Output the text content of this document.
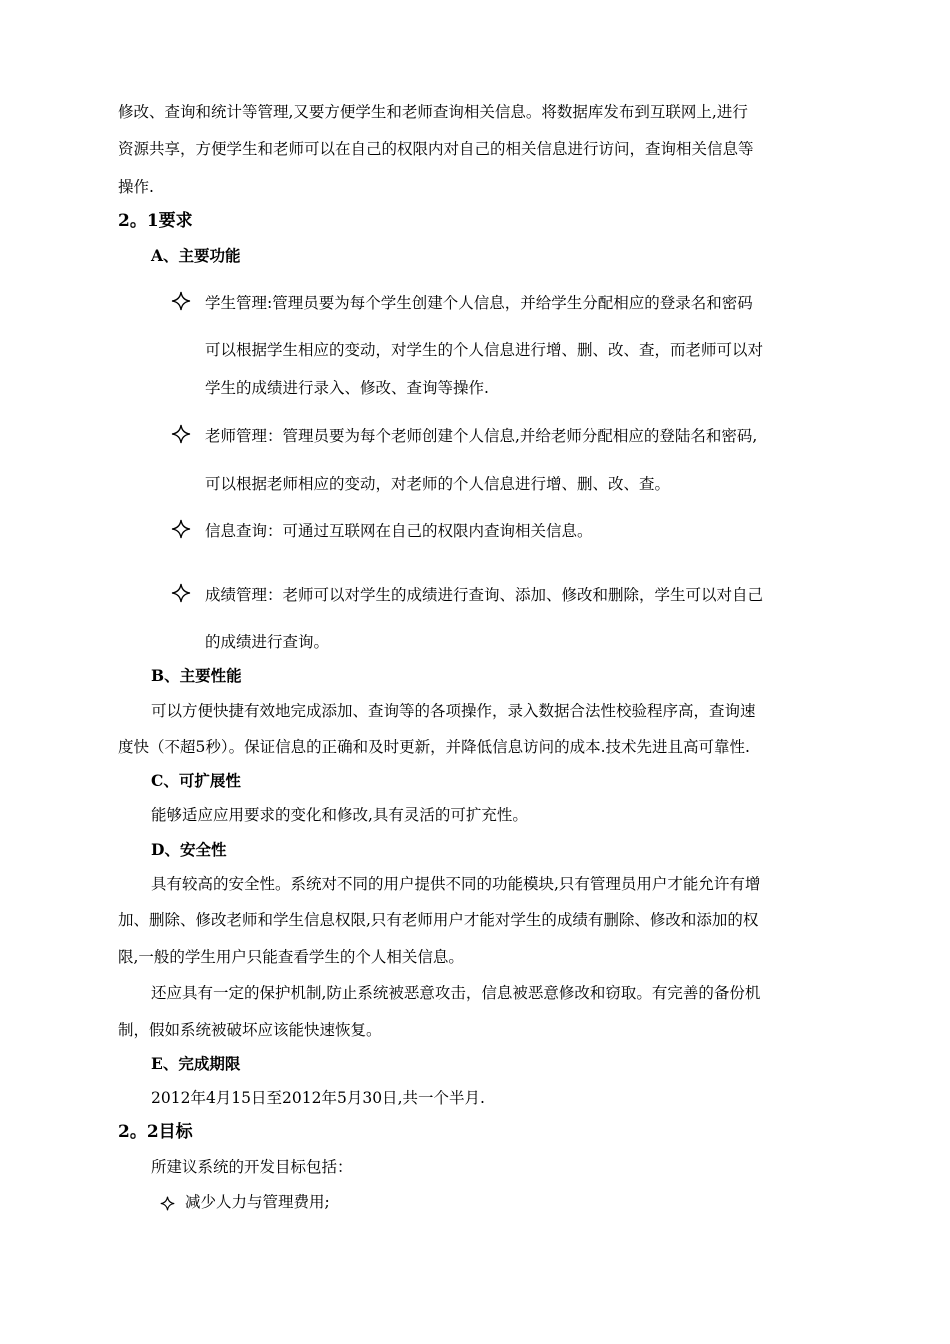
修改、查询和统计等管理,又要方便学生和老师查询相关信息。将数据库发布到互联网上,进行
资源共享，方便学生和老师可以在自己的权限内对自己的相关信息进行访问，查询相关信息等
操作.
2。1要求
A、主要功能
学生管理:管理员要为每个学生创建个人信息，并给学生分配相应的登录名和密码
可以根据学生相应的变动，对学生的个人信息进行增、删、改、查，而老师可以对
学生的成绩进行录入、修改、查询等操作.
老师管理：管理员要为每个老师创建个人信息,并给老师分配相应的登陆名和密码,
可以根据老师相应的变动，对老师的个人信息进行增、删、改、查。
信息查询：可通过互联网在自己的权限内查询相关信息。
成绩管理：老师可以对学生的成绩进行查询、添加、修改和删除，学生可以对自己
的成绩进行查询。
B、主要性能
可以方便快捷有效地完成添加、查询等的各项操作，录入数据合法性校验程序高，查询速
度快（不超5秒）。保证信息的正确和及时更新，并降低信息访问的成本.技术先进且高可靠性.
C、可扩展性
能够适应应用要求的变化和修改,具有灵活的可扩充性。
D、安全性
具有较高的安全性。系统对不同的用户提供不同的功能模块,只有管理员用户才能允许有增
加、删除、修改老师和学生信息权限,只有老师用户才能对学生的成绩有删除、修改和添加的权
限,一般的学生用户只能查看学生的个人相关信息。
还应具有一定的保护机制,防止系统被恶意攻击，信息被恶意修改和窃取。有完善的备份机
制，假如系统被破坏应该能快速恢复。
E、完成期限
2012年4月15日至2012年5月30日,共一个半月.
2。2目标
所建议系统的开发目标包括：
减少人力与管理费用;
